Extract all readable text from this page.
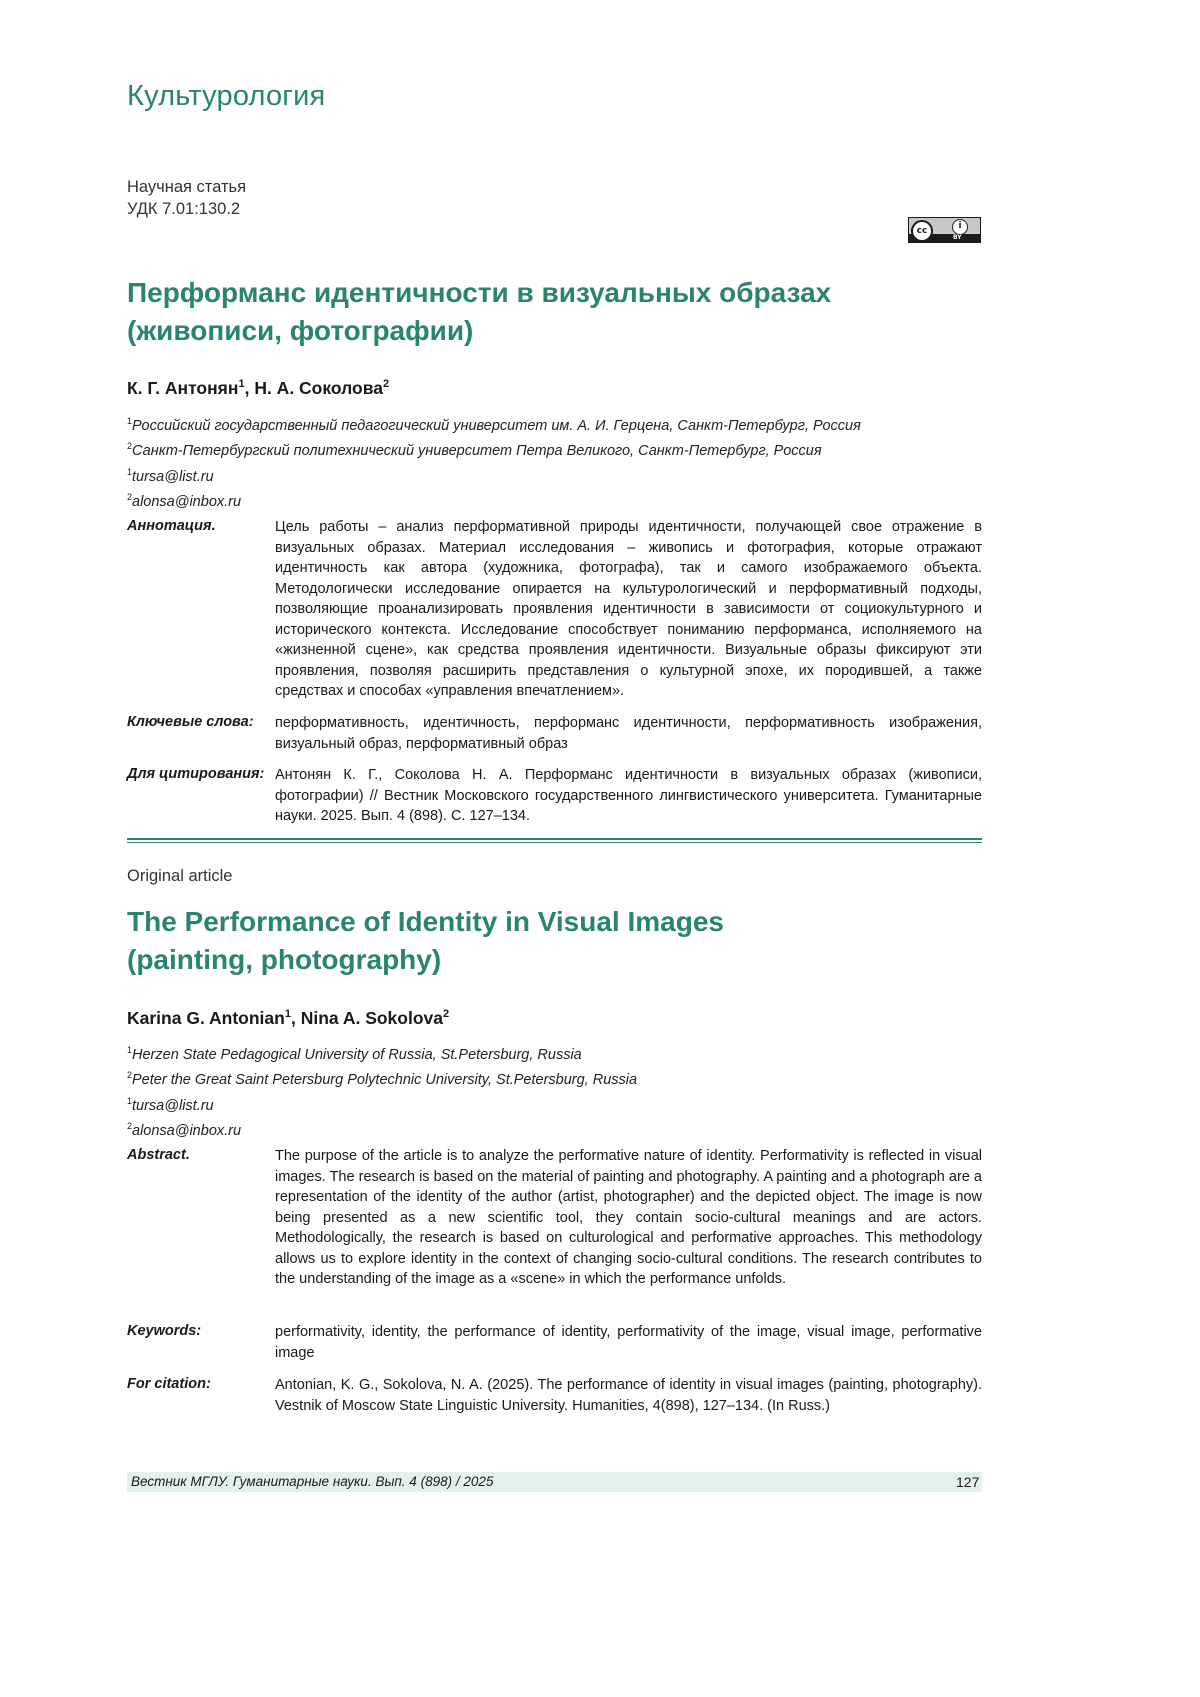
Культурология
Научная статья
УДК 7.01:130.2
cc	i
BY
Перформанс идентичности в визуальных образах
(живописи, фотографии)
К. Г. Антонян$^1$, Н. А. Соколова$^2$
$^1$Российский государственный педагогический университет им. А. И. Герцена, Санкт-Петербург, Россия
$^2$Санкт-Петербургский политехнический университет Петра Великого, Санкт-Петербург, Россия
$^1$tursa@list.ru
$^2$alonsa@inbox.ru
Аннотация.	Цель работы – анализ перформативной природы идентичности, получающей свое отражение в визуальных образах. Материал исследования – живопись и фотография, которые отражают идентичность как автора (художника, фотографа), так и самого изображаемого объекта. Методологически исследование опирается на культурологический и перформативный подходы, позволяющие проанализировать проявления идентичности в зависимости от социокультурного и исторического контекста. Исследование способствует пониманию перформанса, исполняемого на «жизненной сцене», как средства проявления идентичности. Визуальные образы фиксируют эти проявления, позволяя расширить представления о культурной эпохе, их породившей, а также средствах и способах «управления впечатлением».
Ключевые слова: перформативность, идентичность, перформанс идентичности, перформативность изображения, визуальный образ, перформативный образ
Для цитирования: Антонян К. Г., Соколова Н. А. Перформанс идентичности в визуальных образах (живописи, фотографии) // Вестник Московского государственного лингвистического университета. Гуманитарные науки. 2025. Вып. 4 (898). С. 127–134.
Original article
The Performance of Identity in Visual Images
(painting, photography)
Karina G. Antonian$^1$, Nina A. Sokolova$^2$
$^1$Herzen State Pedagogical University of Russia, St.Petersburg, Russia
$^2$Peter the Great Saint Petersburg Polytechnic University, St.Petersburg, Russia
$^1$tursa@list.ru
$^2$alonsa@inbox.ru
Abstract.	The purpose of the article is to analyze the performative nature of identity. Performativity is reflected in visual images. The research is based on the material of painting and photography. A painting and a photograph are a representation of the identity of the author (artist, photographer) and the depicted object. The image is now being presented as a new scientific tool, they contain socio-cultural meanings and are actors. Methodologically, the research is based on culturological and performative approaches. This methodology allows us to explore identity in the context of changing socio-cultural conditions. The research contributes to the understanding of the image as a «scene» in which the performance unfolds.
Keywords:	performativity, identity, the performance of identity, performativity of the image, visual image, performative image
For citation:	Antonian, K. G., Sokolova, N. A. (2025). The performance of identity in visual images (painting, photography). Vestnik of Moscow State Linguistic University. Humanities, 4(898), 127–134. (In Russ.)
Вестник МГЛУ. Гуманитарные науки. Вып. 4 (898) / 2025	127
